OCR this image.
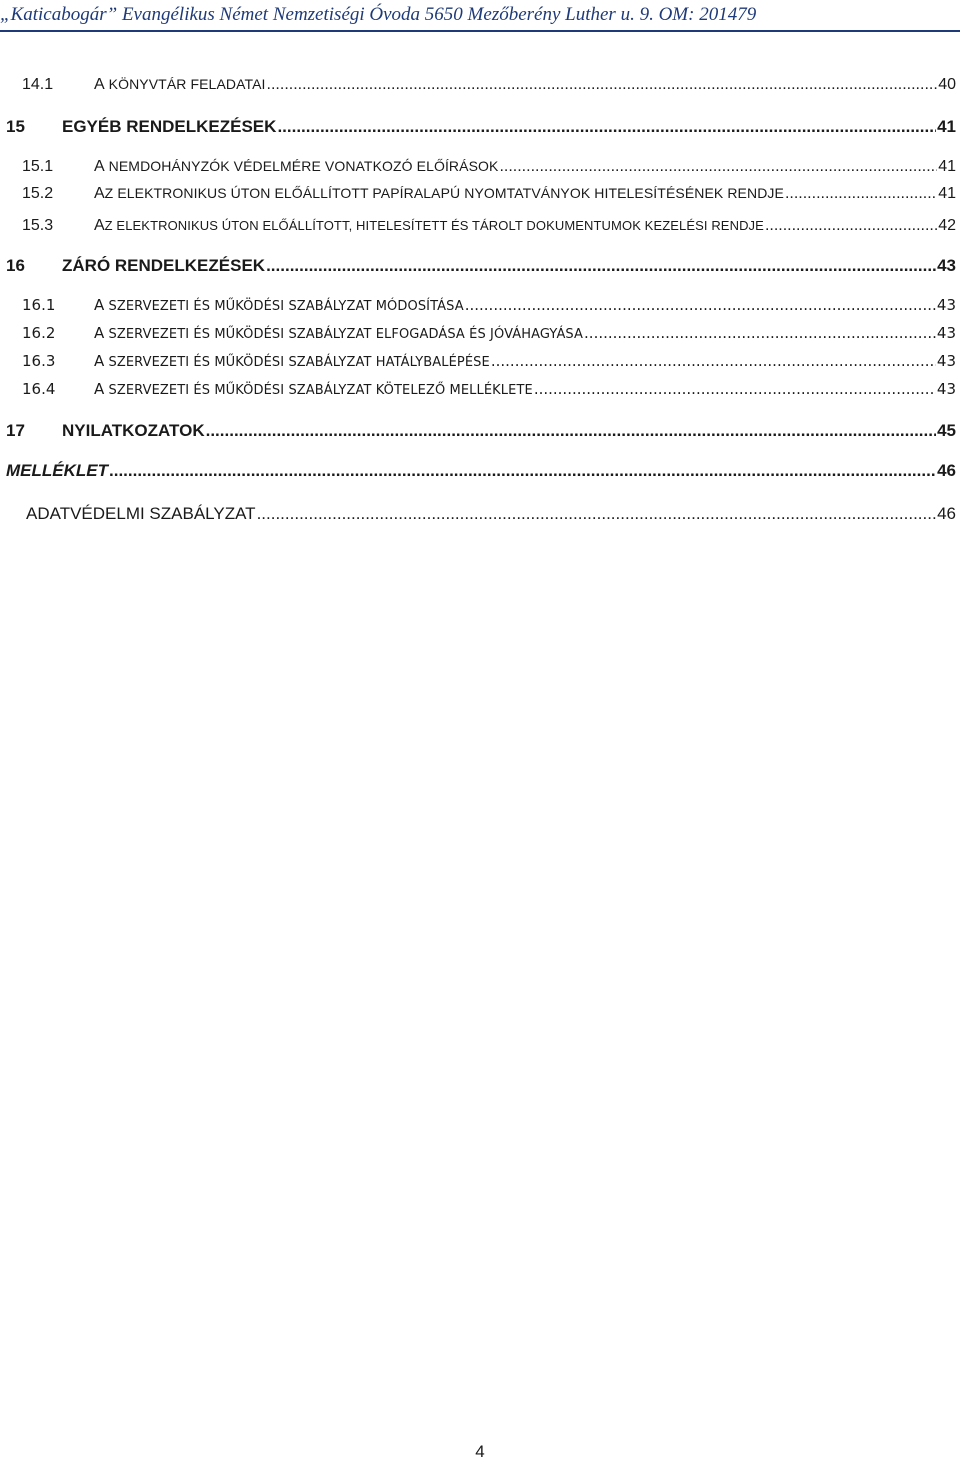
„Katicabogár” Evangélikus Német Nemzetiségi Óvoda 5650 Mezőberény Luther u. 9. OM: 201479
14.1	A KÖNYVTÁR FELADATAI .....	40
15 EGYÉB RENDELKEZÉSEK .....	41
15.1	A NEMDOHÁNYZÓK VÉDELMÉRE VONATKOZÓ ELŐÍRÁSOK .....	41
15.2	AZ ELEKTRONIKUS ÚTON ELŐÁLLÍTOTT PAPÍRALAPÚ NYOMTATVÁNYOK HITELESÍTÉSÉNEK RENDJE .....	41
15.3	AZ ELEKTRONIKUS ÚTON ELŐÁLLÍTOTT, HITELESÍTETT ÉS TÁROLT DOKUMENTUMOK KEZELÉSI RENDJE .....	42
16 ZÁRÓ RENDELKEZÉSEK .....	43
16.1	A SZERVEZETI ÉS MŰKÖDÉSI SZABÁLYZAT MÓDOSÍTÁSA .....	43
16.2	A SZERVEZETI ÉS MŰKÖDÉSI SZABÁLYZAT ELFOGADÁSA ÉS JÓVÁHAGYÁSA .....	43
16.3	A SZERVEZETI ÉS MŰKÖDÉSI SZABÁLYZAT HATÁLYBALÉPÉSE .....	43
16.4	A SZERVEZETI ÉS MŰKÖDÉSI SZABÁLYZAT KÖTELEZŐ MELLÉKLETE .....	43
17 NYILATKOZATOK .....	45
MELLÉKLET .....	46
ADATVÉDELMI SZABÁLYZAT .....	46
4
